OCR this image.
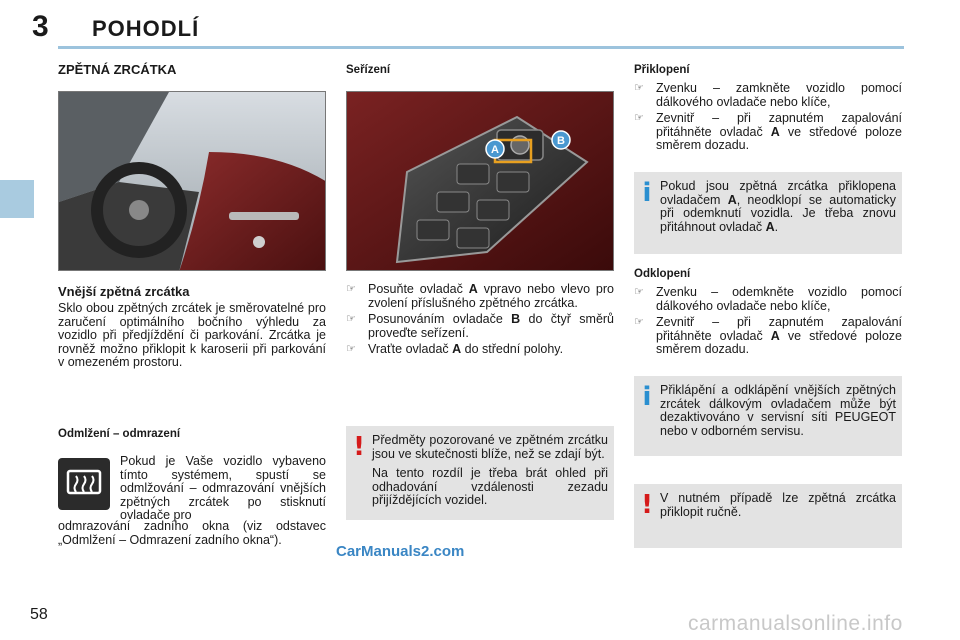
3 POHODLÍ
ZPĚTNÁ ZRCÁTKA
Vnější zpětná zrcátka

Sklo obou zpětných zrcátek je směrovatelné pro zaručení optimálního bočního výhledu za vozidlo při předjíždění či parkování. Zrcátka je rovněž možno přiklopit k karoserii při parkování v omezeném prostoru.

Odmlžení – odmrazení

Pokud je Vaše vozidlo vybaveno tímto systémem, spustí se odmlžování – odmrazování vnějších zpětných zrcátek po stisknutí ovladače pro

odmrazování zadního okna (viz odstavec „Odmlžení – Odmrazení zadního okna“).

Seřízení
A
B
☞ Posuňte ovladač A vpravo nebo vlevo pro zvolení příslušného zpětného zrcátka.
☞ Posunováním ovladače B do čtyř směrů proveďte seřízení.
☞ Vraťte ovladač A do střední polohy.
! Předměty pozorované ve zpětném zrcátku jsou ve skutečnosti blíže, než se zdají být.

Na tento rozdíl je třeba brát ohled při odhadování vzdálenosti zezadu přijíždějících vozidel.

Přiklopení
☞ Zvenku – zamkněte vozidlo pomocí dálkového ovladače nebo klíče,
☞ Zevnitř – při zapnutém zapalování přitáhněte ovladač A ve středové poloze směrem dozadu.
i Pokud jsou zpětná zrcátka přiklopena ovladačem A, neodklopí se automaticky při odemknutí vozidla. Je třeba znovu přitáhnout ovladač A.
Odklopení
☞ Zvenku – odemkněte vozidlo pomocí dálkového ovladače nebo klíče,
☞ Zevnitř – při zapnutém zapalování přitáhněte ovladač A ve středové poloze směrem dozadu.
i Přiklápění a odklápění vnějších zpětných zrcátek dálkovým ovladačem může být dezaktivováno v servisní síti PEUGEOT nebo v odborném servisu.
! V nutném případě lze zpětná zrcátka přiklopit ručně.
58
CarManuals2.com
carmanualsonline.info
